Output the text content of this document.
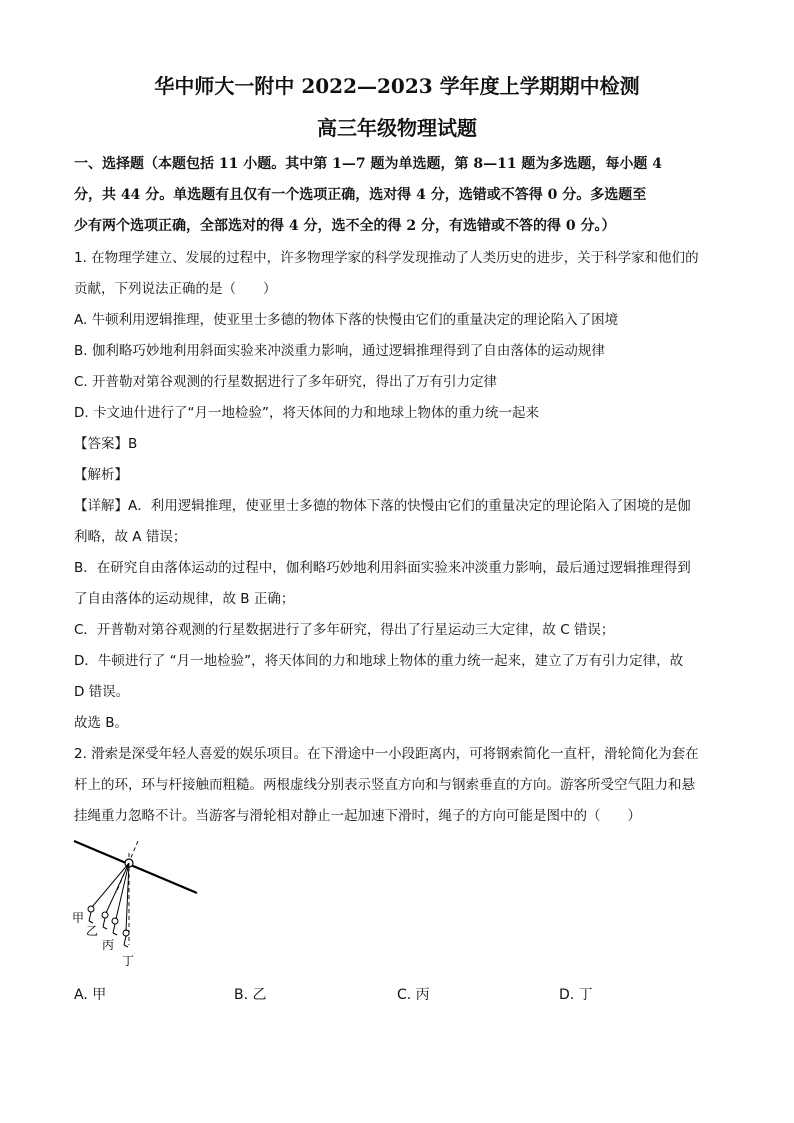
华中师大一附中 2022—2023 学年度上学期期中检测
高三年级物理试题
一、选择题（本题包括 11 小题。其中第 1—7 题为单选题，第 8—11 题为多选题，每小题 4
分，共 44 分。单选题有且仅有一个选项正确，选对得 4 分，选错或不答得 0 分。多选题至
少有两个选项正确，全部选对的得 4 分，选不全的得 2 分，有选错或不答的得 0 分。）
1. 在物理学建立、发展的过程中，许多物理学家的科学发现推动了人类历史的进步，关于科学家和他们的
贡献，下列说法正确的是（　　）
A. 牛顿利用逻辑推理，使亚里士多德的物体下落的快慢由它们的重量决定的理论陷入了困境
B. 伽利略巧妙地利用斜面实验来冲淡重力影响，通过逻辑推理得到了自由落体的运动规律
C. 开普勒对第谷观测的行星数据进行了多年研究，得出了万有引力定律
D. 卡文迪什进行了“月一地检验”，将天体间的力和地球上物体的重力统一起来
【答案】B
【解析】
【详解】A．利用逻辑推理，使亚里士多德的物体下落的快慢由它们的重量决定的理论陷入了困境的是伽
利略，故 A 错误；
B．在研究自由落体运动的过程中，伽利略巧妙地利用斜面实验来冲淡重力影响，最后通过逻辑推理得到
了自由落体的运动规律，故 B 正确；
C．开普勒对第谷观测的行星数据进行了多年研究，得出了行星运动三大定律，故 C 错误；
D．牛顿进行了 “月一地检验”，将天体间的力和地球上物体的重力统一起来，建立了万有引力定律，故
D 错误。
故选 B。
2. 滑索是深受年轻人喜爱的娱乐项目。在下滑途中一小段距离内，可将钢索简化一直杆，滑轮简化为套在
杆上的环，环与杆接触而粗糙。两根虚线分别表示竖直方向和与钢索垂直的方向。游客所受空气阻力和悬
挂绳重力忽略不计。当游客与滑轮相对静止一起加速下滑时，绳子的方向可能是图中的（　　）
甲
乙
丙
丁
A. 甲	B. 乙	C. 丙	D. 丁
